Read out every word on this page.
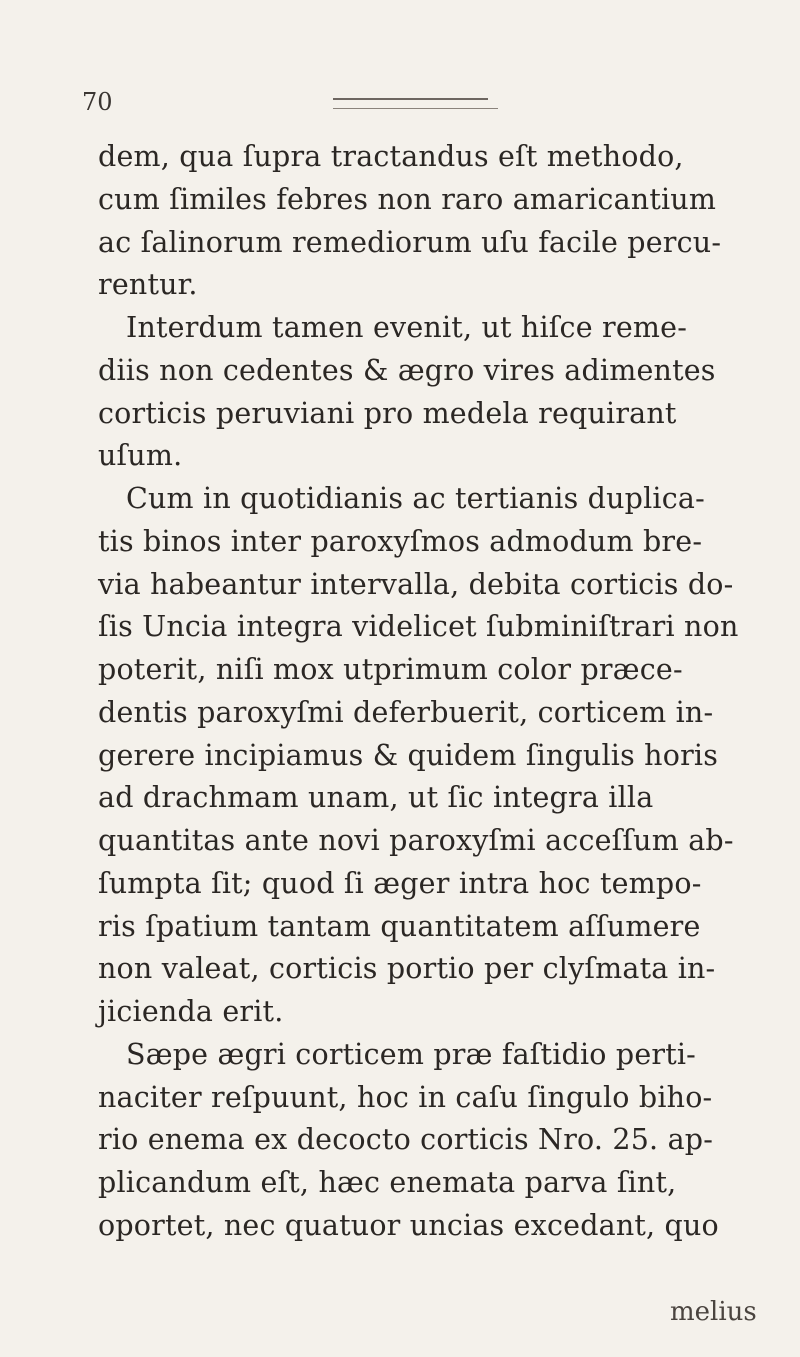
70
dem, qua ſupra tractandus eſt methodo,
cum ſimiles febres non raro amaricantium
ac ſalinorum remediorum uſu facile percu-
rentur.
Interdum tamen evenit, ut hiſce reme-
diis non cedentes & ægro vires adimentes
corticis peruviani pro medela requirant
uſum.
Cum in quotidianis ac tertianis duplica-
tis binos inter paroxyſmos admodum bre-
via habeantur intervalla, debita corticis do-
ſis Uncia integra videlicet ſubminiſtrari non
poterit, niſi mox utprimum color præce-
dentis paroxyſmi deferbuerit, corticem in-
gerere incipiamus & quidem ſingulis horis
ad drachmam unam, ut ſic integra illa
quantitas ante novi paroxyſmi acceſſum ab-
ſumpta ſit; quod ſi æger intra hoc tempo-
ris ſpatium tantam quantitatem aſſumere
non valeat, corticis portio per clyſmata in-
jicienda erit.
Sæpe ægri corticem præ faſtidio perti-
naciter reſpuunt, hoc in caſu ſingulo biho-
rio enema ex decocto corticis Nro. 25. ap-
plicandum eſt, hæc enemata parva ſint,
oportet, nec quatuor uncias excedant, quo
melius
